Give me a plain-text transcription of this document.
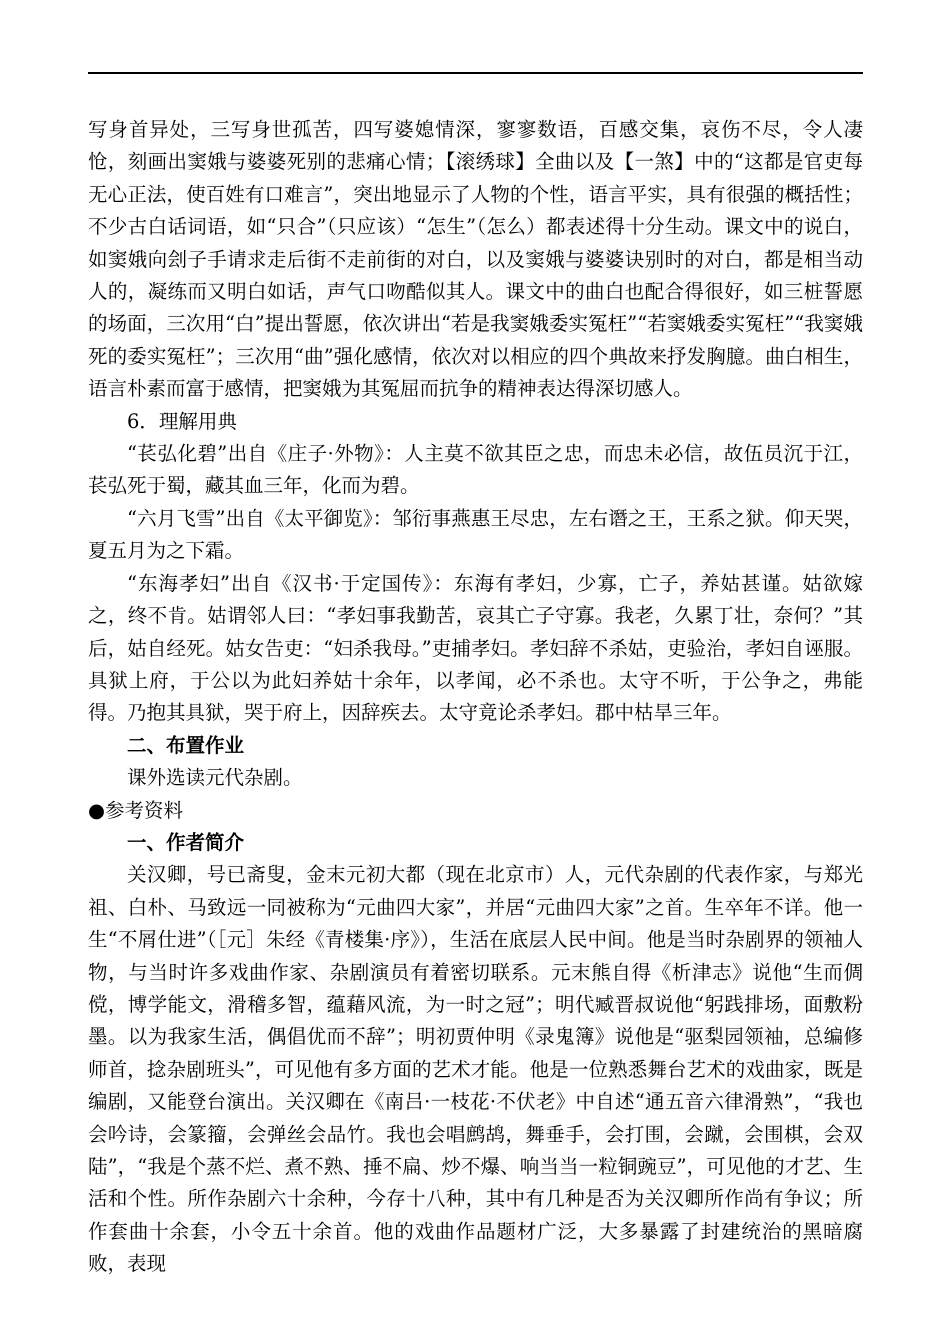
写身首异处，三写身世孤苦，四写婆媳情深，寥寥数语，百感交集，哀伤不尽，令人凄怆，刻画出窦娥与婆婆死别的悲痛心情；【滚绣球】全曲以及【一煞】中的“这都是官吏每无心正法，使百姓有口难言”，突出地显示了人物的个性，语言平实，具有很强的概括性；不少古白话词语，如“只合”（只应该）“怎生”（怎么）都表述得十分生动。课文中的说白，如窦娥向刽子手请求走后街不走前街的对白，以及窦娥与婆婆诀别时的对白，都是相当动人的，凝练而又明白如话，声气口吻酷似其人。课文中的曲白也配合得很好，如三桩誓愿的场面，三次用“白”提出誓愿，依次讲出“若是我窦娥委实冤枉”“若窦娥委实冤枉”“我窦娥死的委实冤枉”；三次用“曲”强化感情，依次对以相应的四个典故来抒发胸臆。曲白相生，语言朴素而富于感情，把窦娥为其冤屈而抗争的精神表达得深切感人。

6．理解用典

“苌弘化碧”出自《庄子·外物》：人主莫不欲其臣之忠，而忠未必信，故伍员沉于江，苌弘死于蜀，藏其血三年，化而为碧。

“六月飞雪”出自《太平御览》：邹衍事燕惠王尽忠，左右谮之王，王系之狱。仰天哭，夏五月为之下霜。

“东海孝妇”出自《汉书·于定国传》：东海有孝妇，少寡，亡子，养姑甚谨。姑欲嫁之，终不肯。姑谓邻人曰：“孝妇事我勤苦，哀其亡子守寡。我老，久累丁壮，奈何？”其后，姑自经死。姑女告吏：“妇杀我母。”吏捕孝妇。孝妇辞不杀姑，吏验治，孝妇自诬服。具狱上府，于公以为此妇养姑十余年，以孝闻，必不杀也。太守不听，于公争之，弗能得。乃抱其具狱，哭于府上，因辞疾去。太守竟论杀孝妇。郡中枯旱三年。

二、布置作业

课外选读元代杂剧。

●参考资料

一、作者简介

关汉卿，号已斋叟，金末元初大都（现在北京市）人，元代杂剧的代表作家，与郑光祖、白朴、马致远一同被称为“元曲四大家”，并居“元曲四大家”之首。生卒年不详。他一生“不屑仕进”（［元］朱经《青楼集·序》），生活在底层人民中间。他是当时杂剧界的领袖人物，与当时许多戏曲作家、杂剧演员有着密切联系。元末熊自得《析津志》说他“生而倜傥，博学能文，滑稽多智，蕴藉风流，为一时之冠”；明代臧晋叔说他“躬践排场，面敷粉墨。以为我家生活，偶倡优而不辞”；明初贾仲明《录鬼簿》说他是“驱梨园领袖，总编修师首，捻杂剧班头”，可见他有多方面的艺术才能。他是一位熟悉舞台艺术的戏曲家，既是编剧，又能登台演出。关汉卿在《南吕·一枝花·不伏老》中自述“通五音六律滑熟”，“我也会吟诗，会篆籀，会弹丝会品竹。我也会唱鹧鸪，舞垂手，会打围，会蹴，会围棋，会双陆”，“我是个蒸不烂、煮不熟、捶不扁、炒不爆、响当当一粒铜豌豆”，可见他的才艺、生活和个性。所作杂剧六十余种，今存十八种，其中有几种是否为关汉卿所作尚有争议；所作套曲十余套，小令五十余首。他的戏曲作品题材广泛，大多暴露了封建统治的黑暗腐败，表现
